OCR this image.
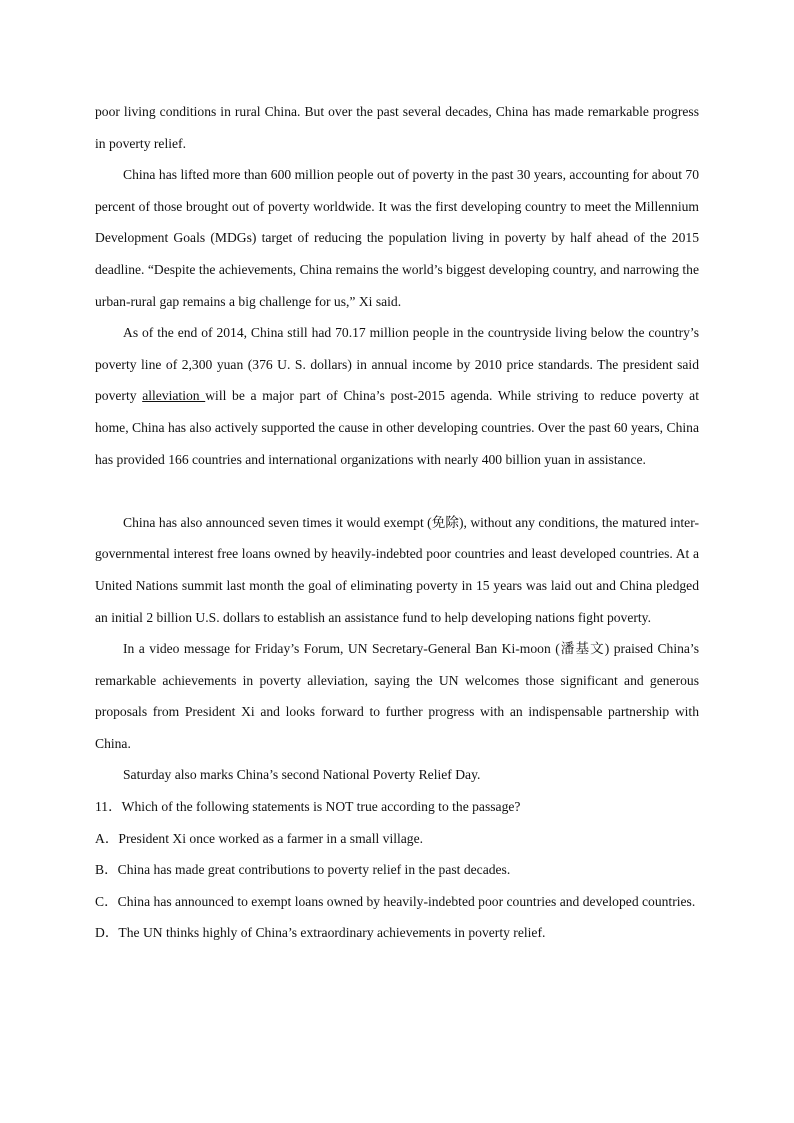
poor living conditions in rural China. But over the past several decades, China has made remarkable progress in poverty relief.

China has lifted more than 600 million people out of poverty in the past 30 years, accounting for about 70 percent of those brought out of poverty worldwide. It was the first developing country to meet the Millennium Development Goals (MDGs) target of reducing the population living in poverty by half ahead of the 2015 deadline. “Despite the achievements, China remains the world’s biggest developing country, and narrowing the urban-rural gap remains a big challenge for us,” Xi said.

As of the end of 2014, China still had 70.17 million people in the countryside living below the country’s poverty line of 2,300 yuan (376 U. S. dollars) in annual income by 2010 price standards. The president said poverty alleviation will be a major part of China’s post-2015 agenda. While striving to reduce poverty at home, China has also actively supported the cause in other developing countries. Over the past 60 years, China has provided 166 countries and international organizations with nearly 400 billion yuan in assistance.

China has also announced seven times it would exempt (免除), without any conditions, the matured inter-governmental interest free loans owned by heavily-indebted poor countries and least developed countries. At a United Nations summit last month the goal of eliminating poverty in 15 years was laid out and China pledged an initial 2 billion U.S. dollars to establish an assistance fund to help developing nations fight poverty.

In a video message for Friday’s Forum, UN Secretary-General Ban Ki-moon (潘基文) praised China’s remarkable achievements in poverty alleviation, saying the UN welcomes those significant and generous proposals from President Xi and looks forward to further progress with an indispensable partnership with China.

Saturday also marks China’s second National Poverty Relief Day.

11．Which of the following statements is NOT true according to the passage?

A．President Xi once worked as a farmer in a small village.

B．China has made great contributions to poverty relief in the past decades.

C．China has announced to exempt loans owned by heavily-indebted poor countries and developed countries.

D．The UN thinks highly of China’s extraordinary achievements in poverty relief.
